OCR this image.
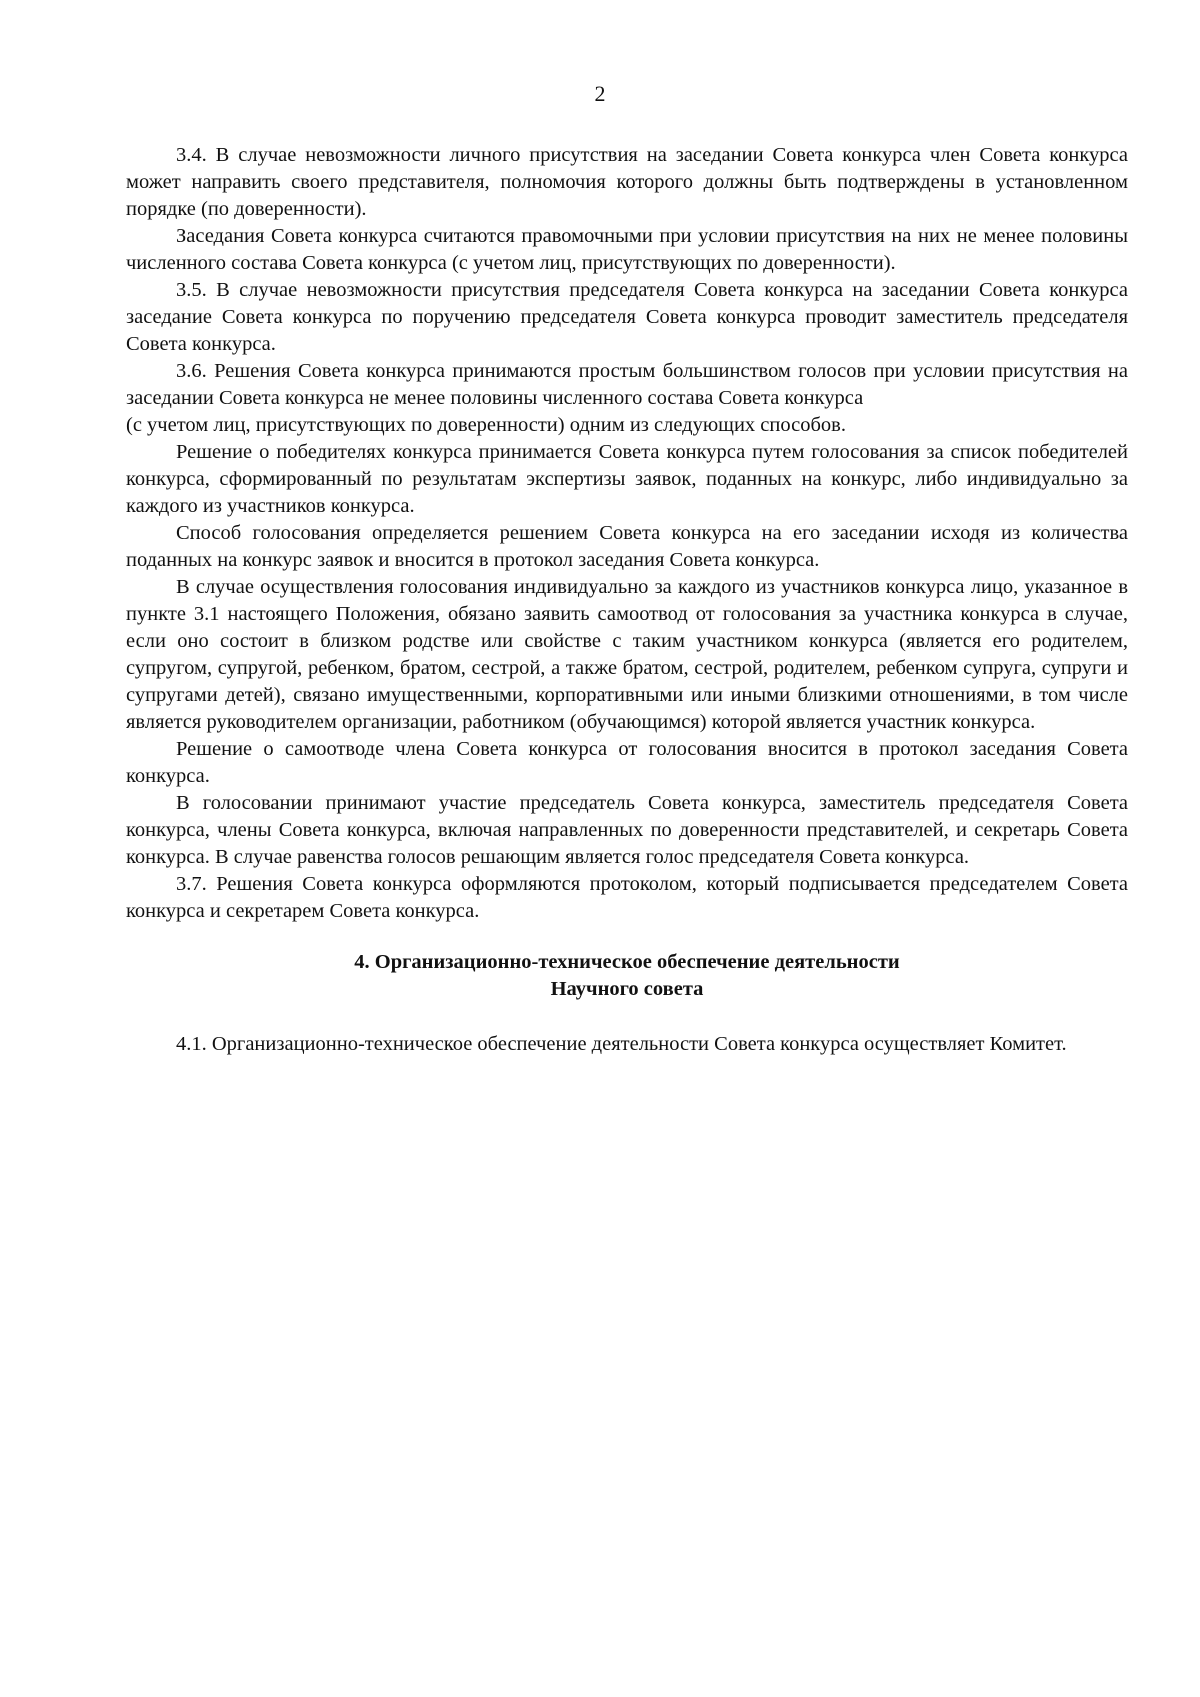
2

3.4. В случае невозможности личного присутствия на заседании Совета конкурса член Совета конкурса может направить своего представителя, полномочия которого должны быть подтверждены в установленном порядке (по доверенности).

Заседания Совета конкурса считаются правомочными при условии присутствия на них не менее половины численного состава Совета конкурса (с учетом лиц, присутствующих по доверенности).

3.5. В случае невозможности присутствия председателя Совета конкурса на заседании Совета конкурса заседание Совета конкурса по поручению председателя Совета конкурса проводит заместитель председателя Совета конкурса.

3.6. Решения Совета конкурса принимаются простым большинством голосов при условии присутствия на заседании Совета конкурса не менее половины численного состава Совета конкурса

(с учетом лиц, присутствующих по доверенности) одним из следующих способов.

Решение о победителях конкурса принимается Совета конкурса путем голосования за список победителей конкурса, сформированный по результатам экспертизы заявок, поданных на конкурс, либо индивидуально за каждого из участников конкурса.

Способ голосования определяется решением Совета конкурса на его заседании исходя из количества поданных на конкурс заявок и вносится в протокол заседания Совета конкурса.

В случае осуществления голосования индивидуально за каждого из участников конкурса лицо, указанное в пункте 3.1 настоящего Положения, обязано заявить самоотвод от голосования за участника конкурса в случае, если оно состоит в близком родстве или свойстве с таким участником конкурса (является его родителем, супругом, супругой, ребенком, братом, сестрой, а также братом, сестрой, родителем, ребенком супруга, супруги и супругами детей), связано имущественными, корпоративными или иными близкими отношениями, в том числе является руководителем организации, работником (обучающимся) которой является участник конкурса.

Решение о самоотводе члена Совета конкурса от голосования вносится в протокол заседания Совета конкурса.

В голосовании принимают участие председатель Совета конкурса, заместитель председателя Совета конкурса, члены Совета конкурса, включая направленных по доверенности представителей, и секретарь Совета конкурса. В случае равенства голосов решающим является голос председателя Совета конкурса.

3.7. Решения Совета конкурса оформляются протоколом, который подписывается председателем Совета конкурса и секретарем Совета конкурса.

4. Организационно-техническое обеспечение деятельности
Научного совета

4.1. Организационно-техническое обеспечение деятельности Совета конкурса осуществляет Комитет.
